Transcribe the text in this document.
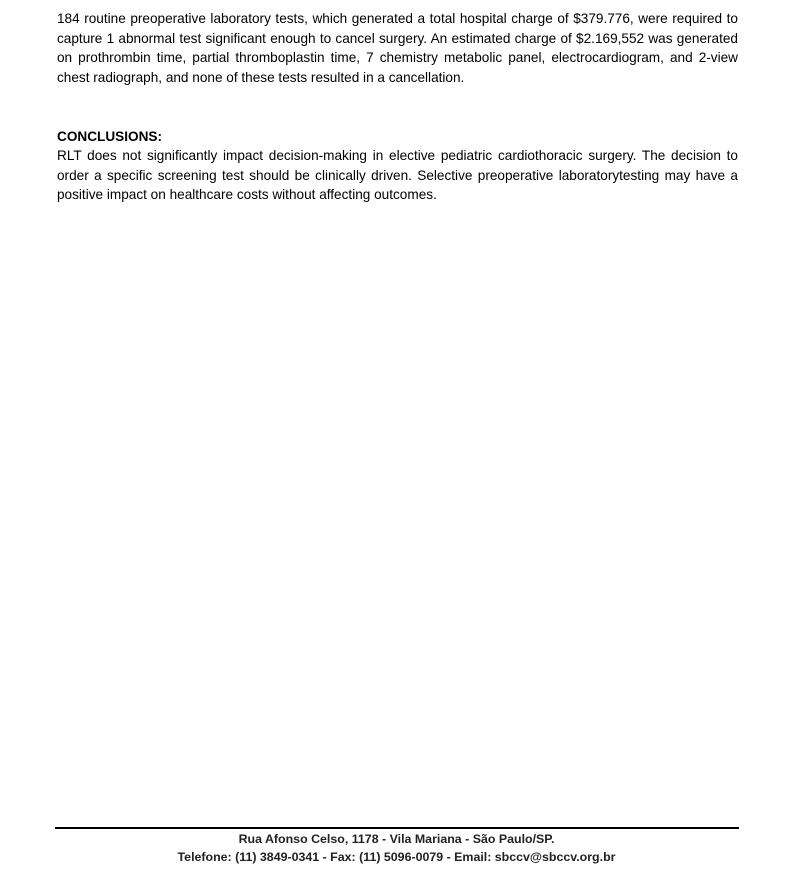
184 routine preoperative laboratory tests, which generated a total hospital charge of $379.776, were required to capture 1 abnormal test significant enough to cancel surgery. An estimated charge of $2.169,552 was generated on prothrombin time, partial thromboplastin time, 7 chemistry metabolic panel, electrocardiogram, and 2-view chest radiograph, and none of these tests resulted in a cancellation.

CONCLUSIONS:

RLT does not significantly impact decision-making in elective pediatric cardiothoracic surgery. The decision to order a specific screening test should be clinically driven. Selective preoperative laboratorytesting may have a positive impact on healthcare costs without affecting outcomes.

Rua Afonso Celso, 1178 - Vila Mariana - São Paulo/SP.

Telefone: (11) 3849-0341 - Fax: (11) 5096-0079 - Email: sbccv@sbccv.org.br
